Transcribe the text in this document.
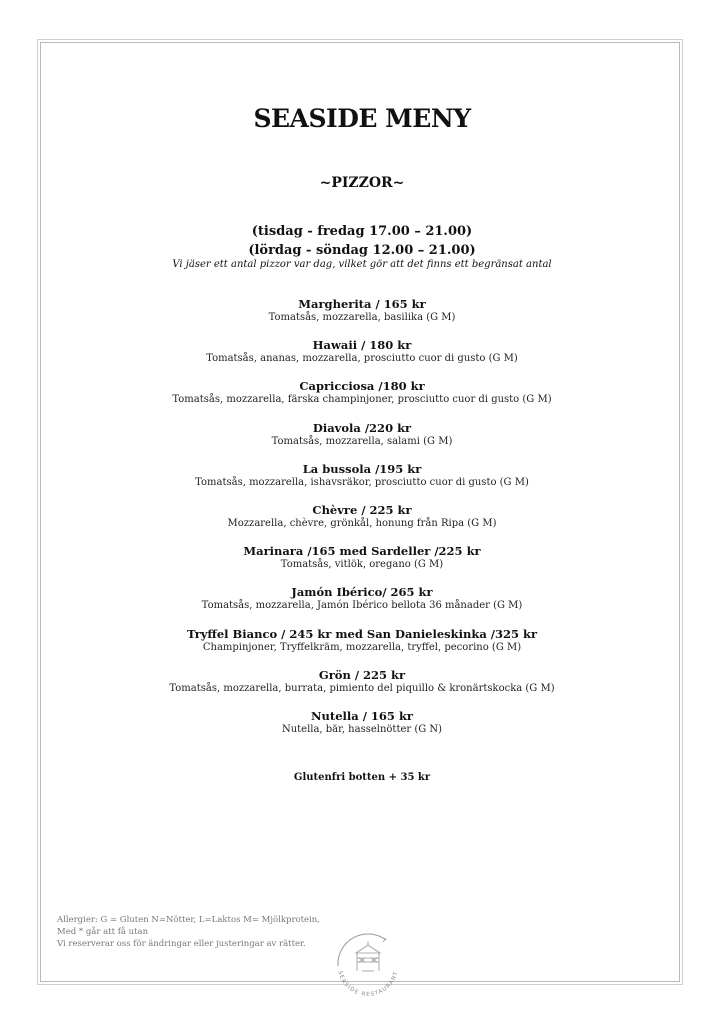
SEASIDE MENY
~PIZZOR~
(tisdag - fredag 17.00 – 21.00)
(lördag - söndag 12.00 – 21.00)
Vi jäser ett antal pizzor var dag, vilket gör att det finns ett begränsat antal
Margherita / 165 kr
Tomatsås, mozzarella, basilika (G M)
Hawaii / 180 kr
Tomatsås, ananas, mozzarella, prosciutto cuor di gusto (G M)
Capricciosa /180 kr
Tomatsås, mozzarella, färska champinjoner, prosciutto cuor di gusto (G M)
Diavola /220 kr
Tomatsås, mozzarella, salami (G M)
La bussola /195 kr
Tomatsås, mozzarella, ishavsräkor, prosciutto cuor di gusto (G M)
Chèvre / 225 kr
Mozzarella, chèvre, grönkål, honung från Ripa (G M)
Marinara /165 med Sardeller /225 kr
Tomatsås, vitlök, oregano (G M)
Jamón Ibérico/ 265 kr
Tomatsås, mozzarella, Jamón Ibérico bellota 36 månader (G M)
Tryffel Bianco / 245 kr med San Danieleskinka /325 kr
Champinjoner, Tryffelkräm, mozzarella, tryffel, pecorino (G M)
Grön / 225 kr
Tomatsås, mozzarella, burrata, pimiento del piquillo & kronärtskocka (G M)
Nutella / 165 kr
Nutella, bär, hasselnötter (G N)
Glutenfri botten + 35 kr
Allergier: G = Gluten N=Nötter, L=Laktos M= Mjölkprotein,
Med * går att få utan
Vi reserverar oss för ändringar eller justeringar av rätter.
SEASIDE RESTAURANT
